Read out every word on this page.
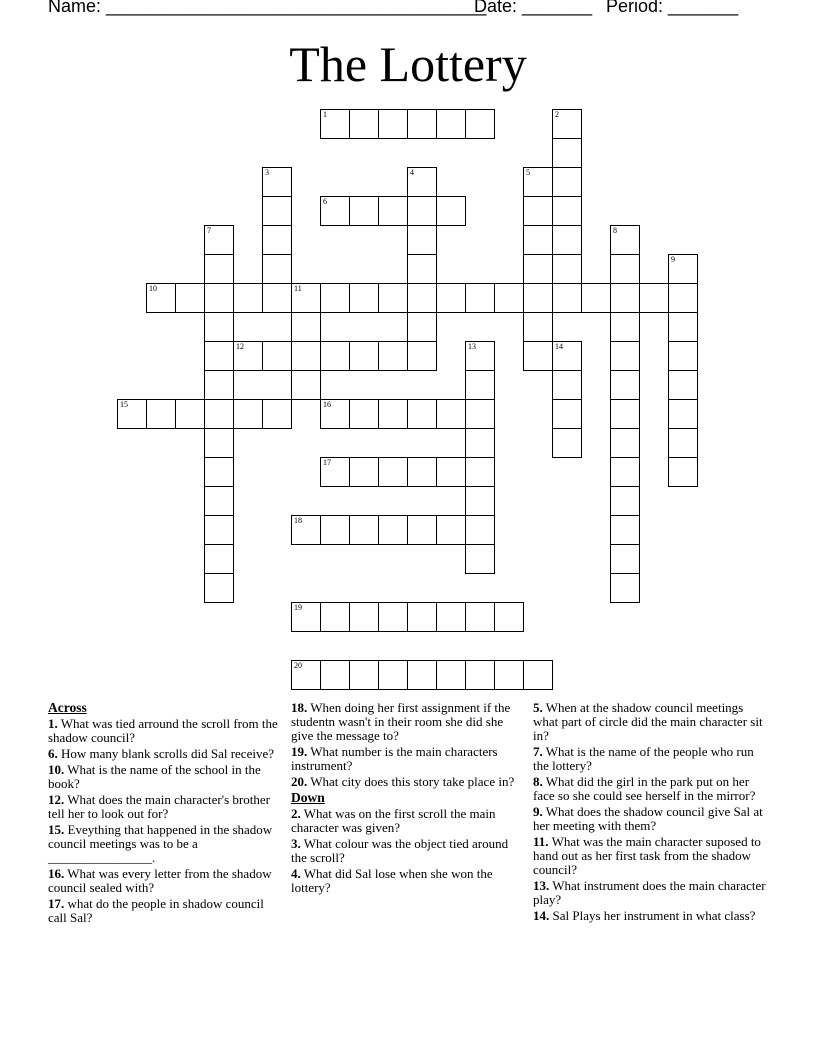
Name: ______________________________________
Date: _______ Period: _______
The Lottery
1	2
3	4	5
6
7	8
9
10	11
12	13	14
15	16
17
18
19
20
Across
1. What was tied arround the scroll from the shadow council?
6. How many blank scrolls did Sal receive?
10. What is the name of the school in the book?
12. What does the main character's brother tell her to look out for?
15. Eveything that happened in the shadow council meetings was to be a ________________.
16. What was every letter from the shadow council sealed with?
17. what do the people in shadow council call Sal?
18. When doing her first assignment if the studentn wasn't in their room she did she give the message to?
19. What number is the main characters instrument?
20. What city does this story take place in?
Down
2. What was on the first scroll the main character was given?
3. What colour was the object tied around the scroll?
4. What did Sal lose when she won the lottery?
5. When at the shadow council meetings what part of circle did the main character sit in?
7. What is the name of the people who run the lottery?
8. What did the girl in the park put on her face so she could see herself in the mirror?
9. What does the shadow council give Sal at her meeting with them?
11. What was the main character suposed to hand out as her first task from the shadow council?
13. What instrument does the main character play?
14. Sal Plays her instrument in what class?
